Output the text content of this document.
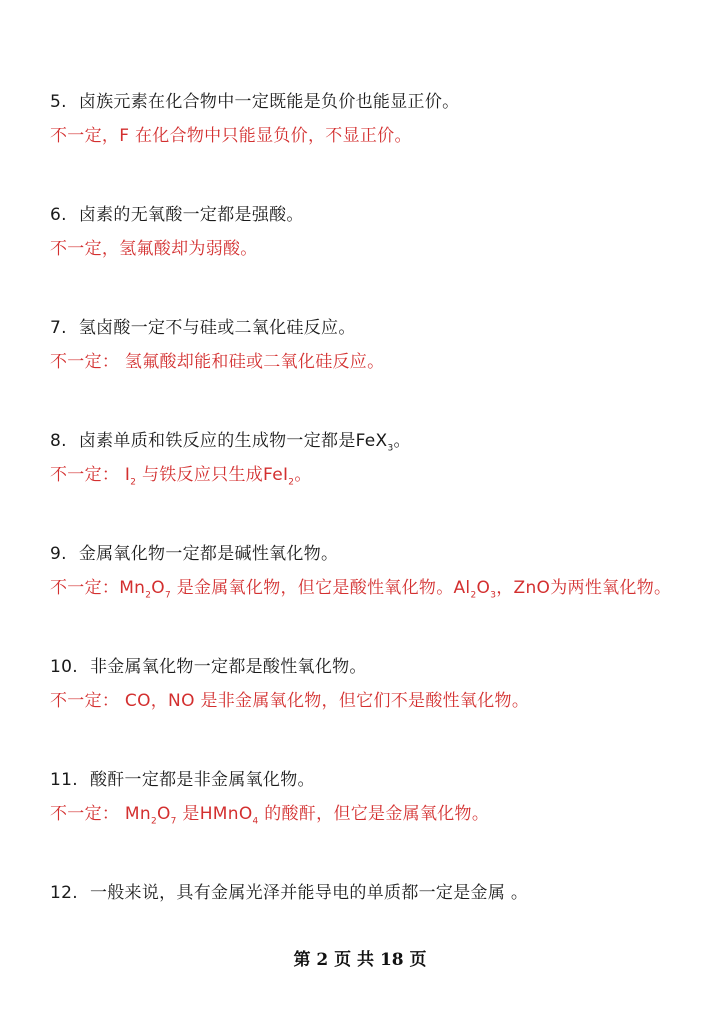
5. 卤族元素在化合物中一定既能是负价也能显正价。
不一定，F 在化合物中只能显负价，不显正价。
6. 卤素的无氧酸一定都是强酸。
不一定，氢氟酸却为弱酸。
7. 氢卤酸一定不与硅或二氧化硅反应。
不一定： 氢氟酸却能和硅或二氧化硅反应。
8. 卤素单质和铁反应的生成物一定都是FeX$_3$。
不一定： $I_2$ 与铁反应只生成FeI$_2$。
9. 金属氧化物一定都是碱性氧化物。
不一定：$Mn_2O_7$ 是金属氧化物，但它是酸性氧化物。$Al_2O_3$，ZnO为两性氧化物。
10. 非金属氧化物一定都是酸性氧化物。
不一定： CO，NO 是非金属氧化物，但它们不是酸性氧化物。
11. 酸酐一定都是非金属氧化物。
不一定： $Mn_2O_7$ 是HMnO$_4$ 的酸酐，但它是金属氧化物。
12. 一般来说，具有金属光泽并能导电的单质都一定是金属 。
第 2 页 共 18 页
